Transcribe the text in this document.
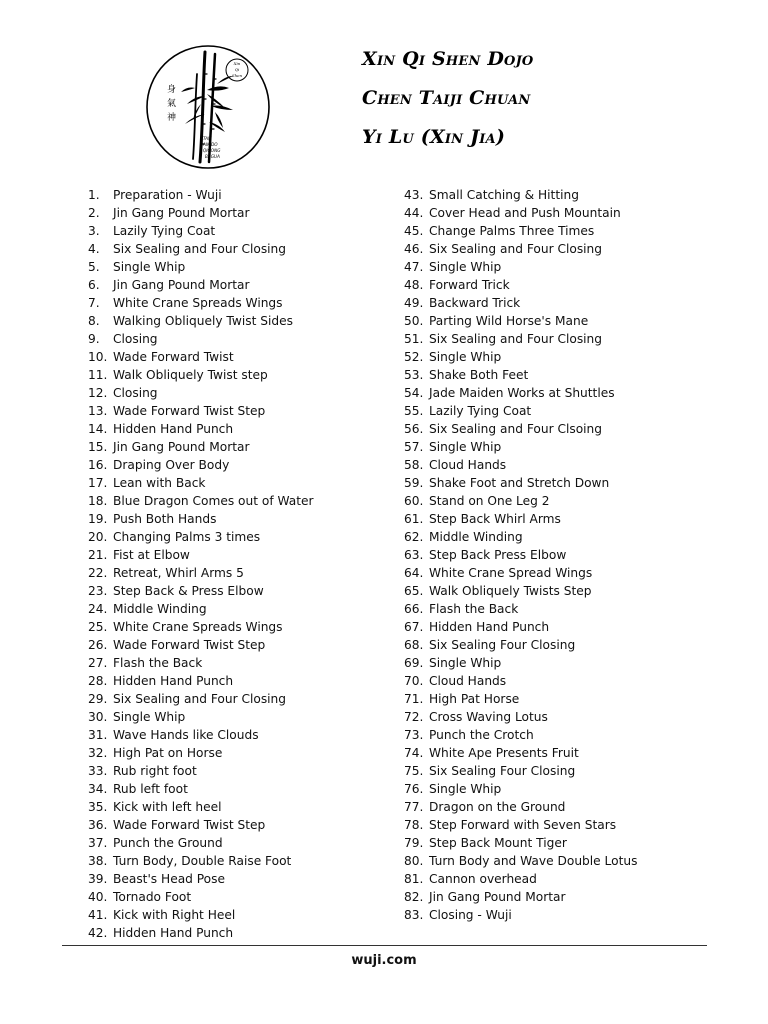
Xin
Qi
Shen
身
氣
神
TAIJI
AIKIDO
QIGONG
BAGUA
Xin Qi Shen Dojo
Chen Taiji Chuan
Yi Lu (Xin Jia)
1.	Preparation - Wuji
2.	Jin Gang Pound Mortar
3.	Lazily Tying Coat
4.	Six Sealing and Four Closing
5.	Single Whip
6.	Jin Gang Pound Mortar
7.	White Crane Spreads Wings
8.	Walking Obliquely Twist Sides
9.	Closing
10. Wade Forward Twist
11. Walk Obliquely Twist step
12. Closing
13. Wade Forward Twist Step
14. Hidden Hand Punch
15. Jin Gang Pound Mortar
16. Draping Over Body
17. Lean with Back
18. Blue Dragon Comes out of Water
19. Push Both Hands
20. Changing Palms 3 times
21. Fist at Elbow
22. Retreat, Whirl Arms 5
23. Step Back & Press Elbow
24. Middle Winding
25. White Crane Spreads Wings
26. Wade Forward Twist Step
27. Flash the Back
28. Hidden Hand Punch
29. Six Sealing and Four Closing
30. Single Whip
31. Wave Hands like Clouds
32. High Pat on Horse
33. Rub right foot
34. Rub left foot
35. Kick with left heel
36. Wade Forward Twist Step
37. Punch the Ground
38. Turn Body, Double Raise Foot
39. Beast's Head Pose
40. Tornado Foot
41. Kick with Right Heel
42. Hidden Hand Punch
43. Small Catching & Hitting
44. Cover Head and Push Mountain
45. Change Palms Three Times
46. Six Sealing and Four Closing
47. Single Whip
48. Forward Trick
49. Backward Trick
50. Parting Wild Horse's Mane
51. Six Sealing and Four Closing
52. Single Whip
53. Shake Both Feet
54. Jade Maiden Works at Shuttles
55. Lazily Tying Coat
56. Six Sealing and Four Clsoing
57. Single Whip
58. Cloud Hands
59. Shake Foot and Stretch Down
60. Stand on One Leg 2
61. Step Back Whirl Arms
62. Middle Winding
63. Step Back Press Elbow
64. White Crane Spread Wings
65. Walk Obliquely Twists Step
66. Flash the Back
67. Hidden Hand Punch
68. Six Sealing Four Closing
69. Single Whip
70. Cloud Hands
71. High Pat Horse
72. Cross Waving Lotus
73. Punch the Crotch
74. White Ape Presents Fruit
75. Six Sealing Four Closing
76. Single Whip
77. Dragon on the Ground
78. Step Forward with Seven Stars
79. Step Back Mount Tiger
80. Turn Body and Wave Double Lotus
81. Cannon overhead
82. Jin Gang Pound Mortar
83. Closing - Wuji
wuji.com
